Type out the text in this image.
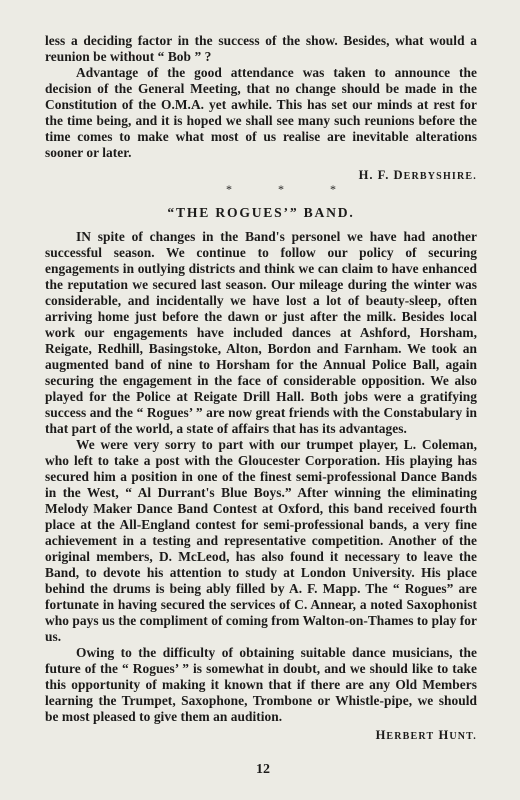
less a deciding factor in the success of the show. Besides, what would a reunion be without “ Bob ” ?

Advantage of the good attendance was taken to announce the decision of the General Meeting, that no change should be made in the Constitution of the O.M.A. yet awhile. This has set our minds at rest for the time being, and it is hoped we shall see many such reunions before the time comes to make what most of us realise are inevitable alterations sooner or later.

H. F. DERBYSHIRE.

*	*	*

“THE ROGUES’” BAND.

IN spite of changes in the Band's personel we have had another successful season. We continue to follow our policy of securing engagements in outlying districts and think we can claim to have enhanced the reputation we secured last season. Our mileage during the winter was considerable, and incidentally we have lost a lot of beauty-sleep, often arriving home just before the dawn or just after the milk. Besides local work our engagements have included dances at Ashford, Horsham, Reigate, Redhill, Basingstoke, Alton, Bordon and Farnham. We took an augmented band of nine to Horsham for the Annual Police Ball, again securing the engagement in the face of considerable opposition. We also played for the Police at Reigate Drill Hall. Both jobs were a gratifying success and the “ Rogues’ ” are now great friends with the Constabulary in that part of the world, a state of affairs that has its advantages.

We were very sorry to part with our trumpet player, L. Coleman, who left to take a post with the Gloucester Corporation. His playing has secured him a position in one of the finest semi-professional Dance Bands in the West, “ Al Durrant's Blue Boys.” After winning the eliminating Melody Maker Dance Band Contest at Oxford, this band received fourth place at the All-England contest for semi-professional bands, a very fine achievement in a testing and representative competition. Another of the original members, D. McLeod, has also found it necessary to leave the Band, to devote his attention to study at London University. His place behind the drums is being ably filled by A. F. Mapp. The “ Rogues” are fortunate in having secured the services of C. Annear, a noted Saxophonist who pays us the compliment of coming from Walton-on-Thames to play for us.

Owing to the difficulty of obtaining suitable dance musicians, the future of the “ Rogues’ ” is somewhat in doubt, and we should like to take this opportunity of making it known that if there are any Old Members learning the Trumpet, Saxophone, Trombone or Whistle-pipe, we should be most pleased to give them an audition.

HERBERT HUNT.

12
